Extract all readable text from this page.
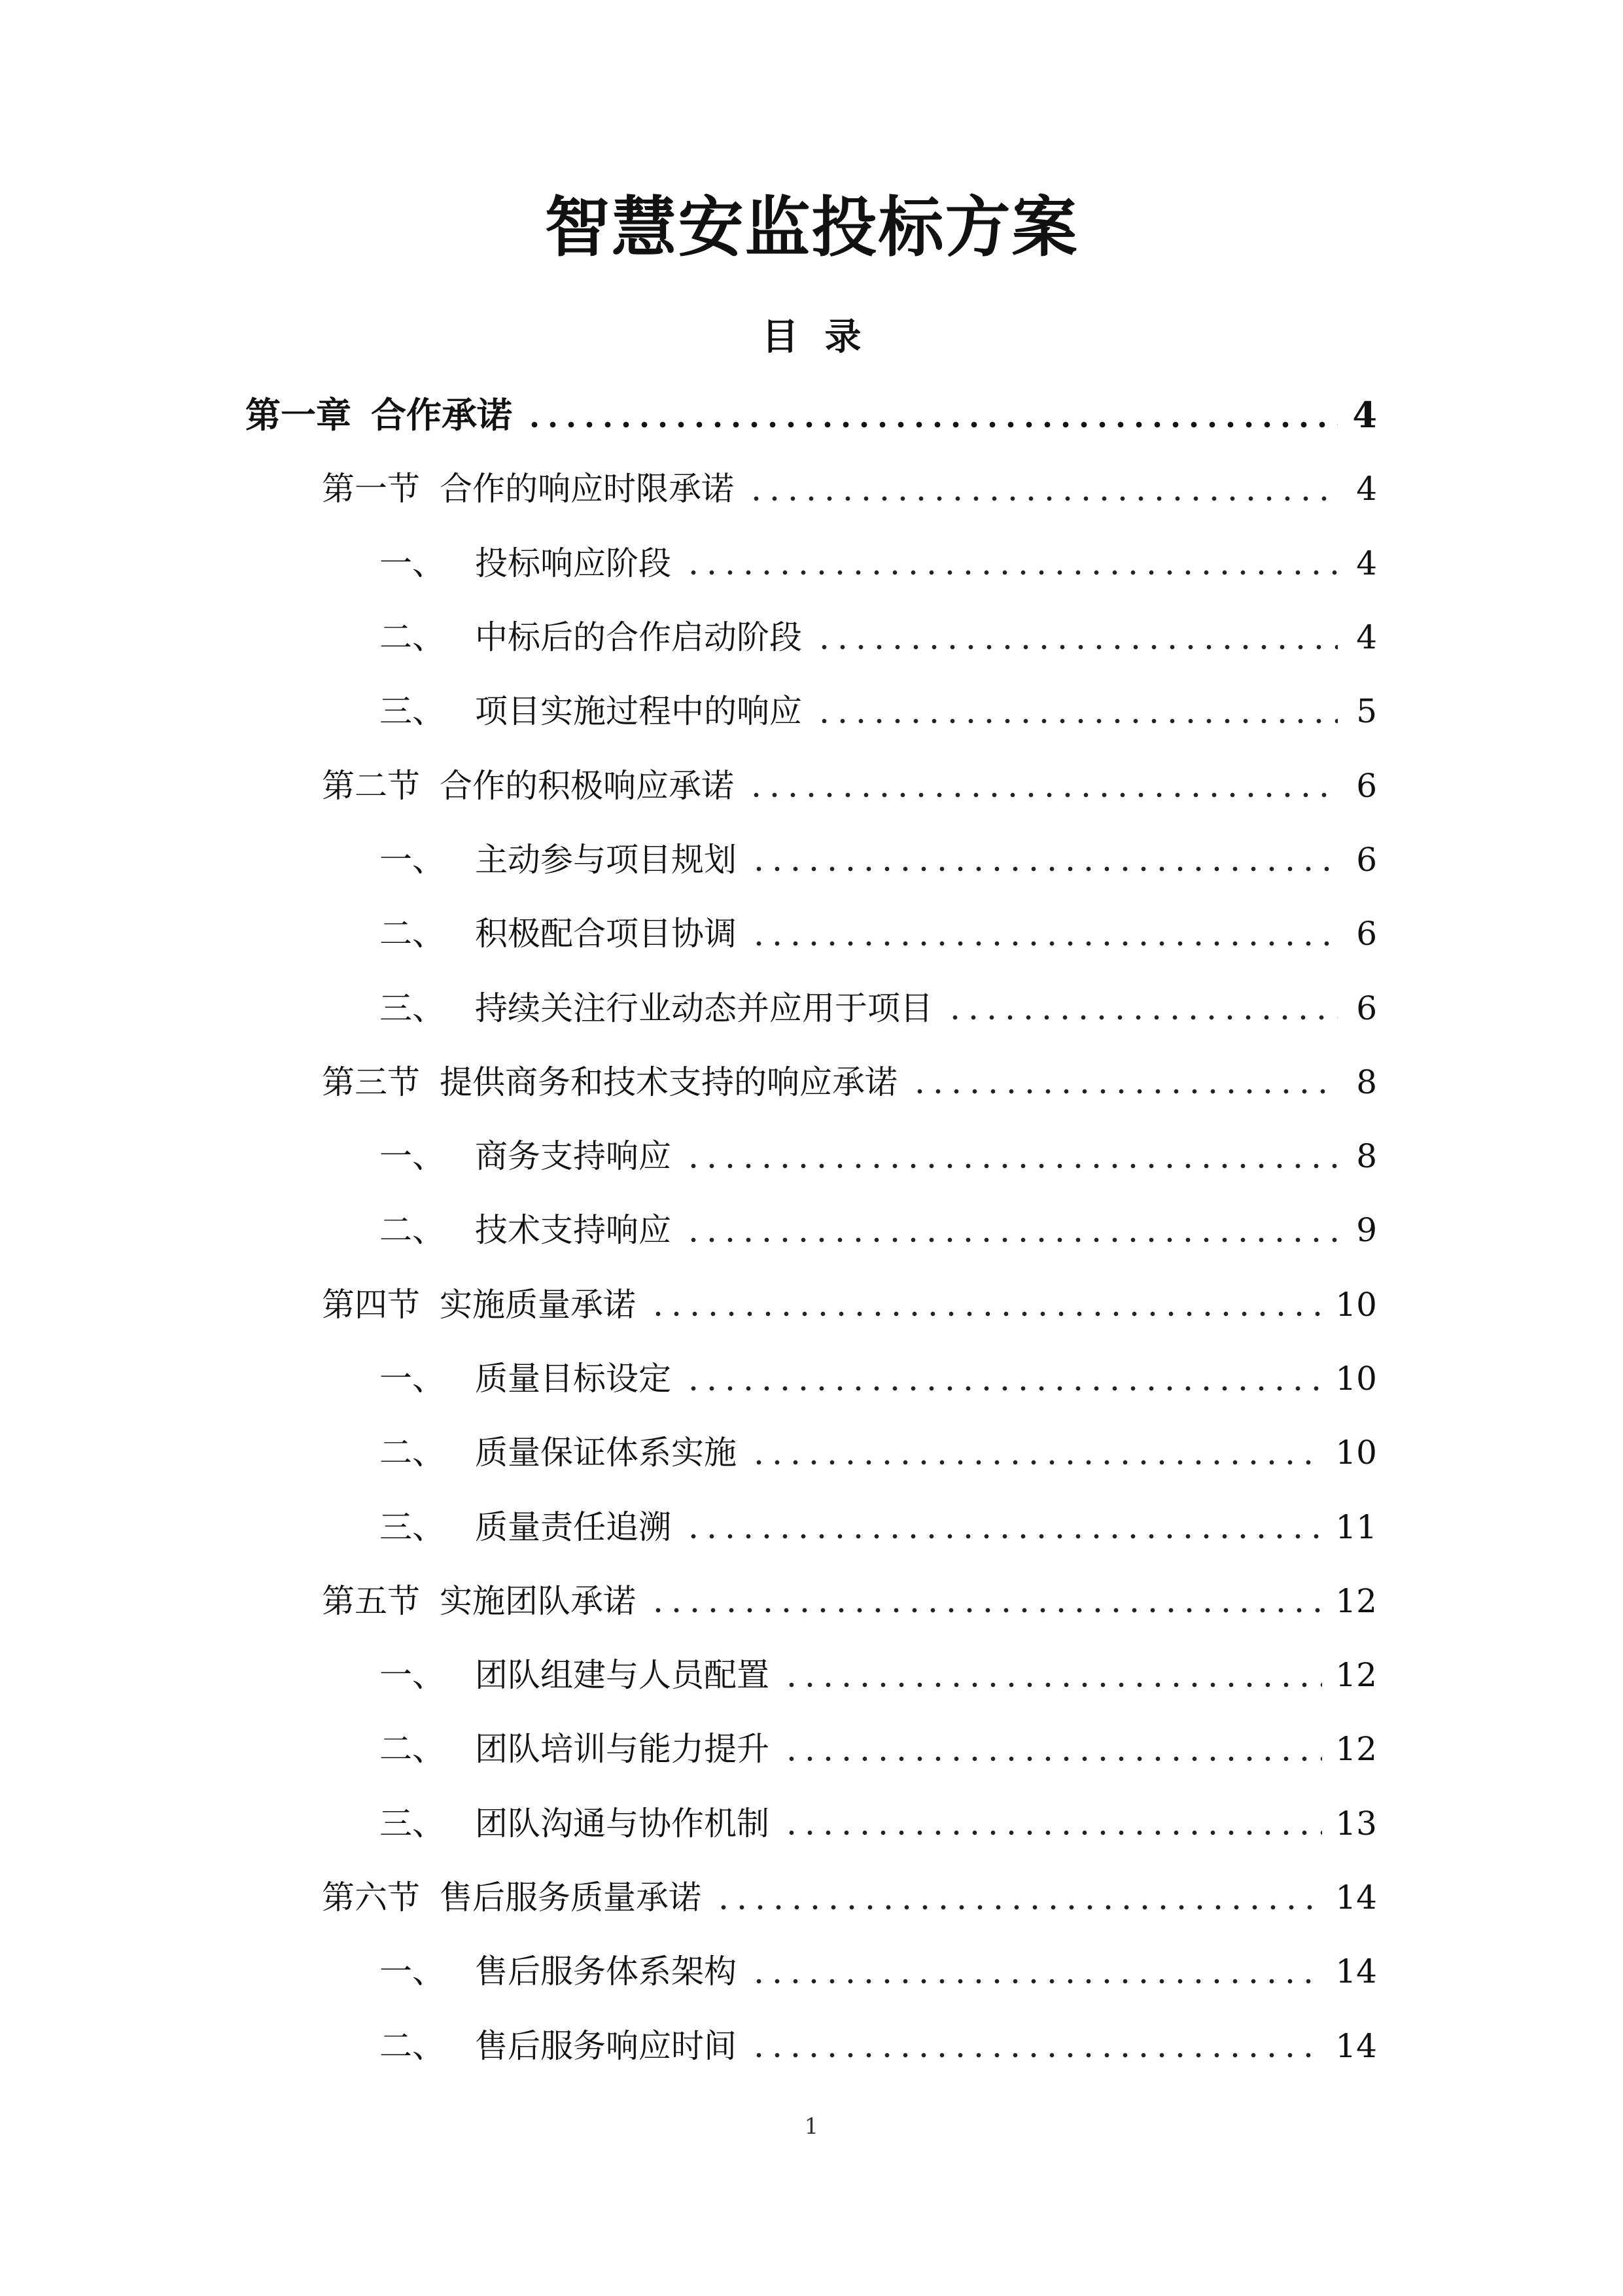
智慧安监投标方案
目 录
第一章 合作承诺	4
第一节 合作的响应时限承诺	4
一、 投标响应阶段	4
二、 中标后的合作启动阶段	4
三、 项目实施过程中的响应	5
第二节 合作的积极响应承诺	6
一、 主动参与项目规划	6
二、 积极配合项目协调	6
三、 持续关注行业动态并应用于项目	6
第三节 提供商务和技术支持的响应承诺	8
一、 商务支持响应	8
二、 技术支持响应	9
第四节 实施质量承诺	10
一、 质量目标设定	10
二、 质量保证体系实施	10
三、 质量责任追溯	11
第五节 实施团队承诺	12
一、 团队组建与人员配置	12
二、 团队培训与能力提升	12
三、 团队沟通与协作机制	13
第六节 售后服务质量承诺	14
一、 售后服务体系架构	14
二、 售后服务响应时间	14
1
